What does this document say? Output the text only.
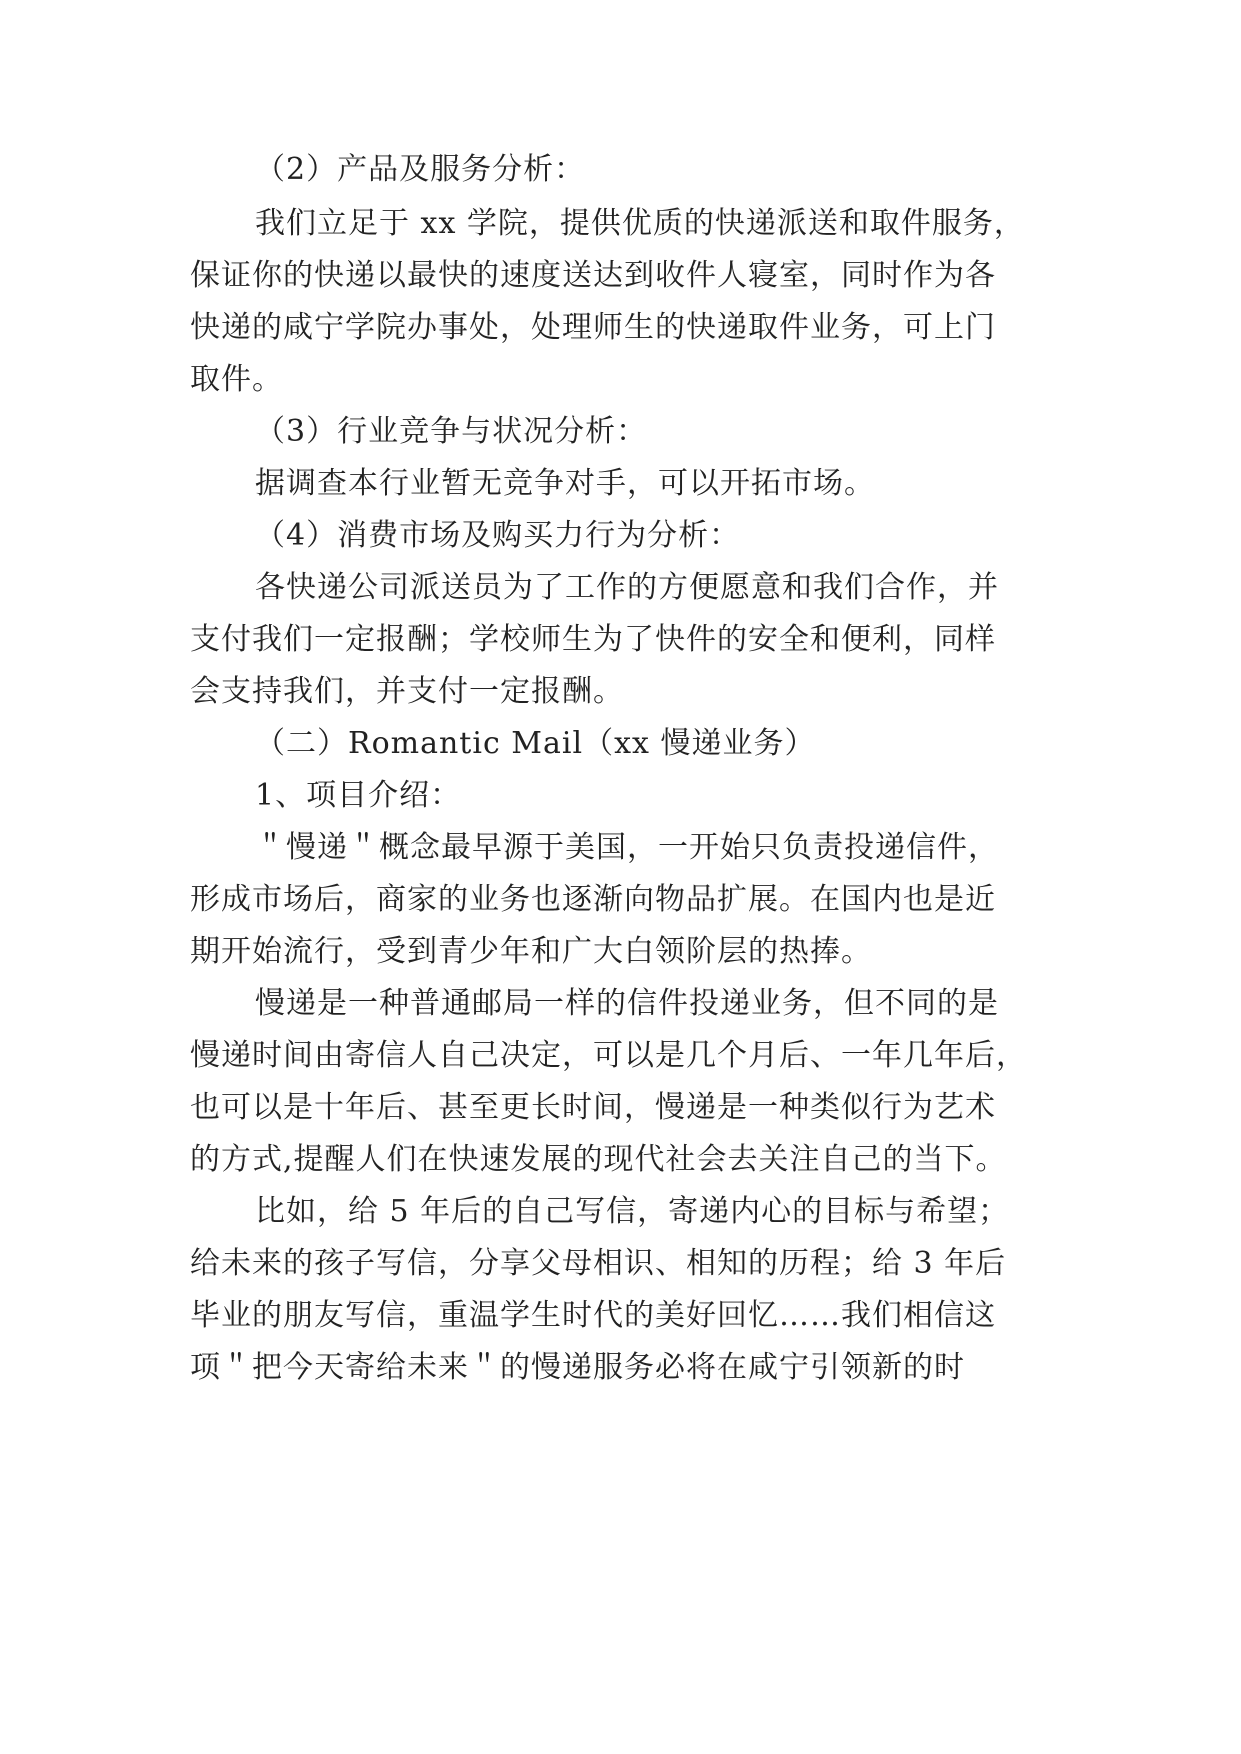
（2）产品及服务分析：
我们立足于 xx 学院，提供优质的快递派送和取件服务，
保证你的快递以最快的速度送达到收件人寝室，同时作为各
快递的咸宁学院办事处，处理师生的快递取件业务，可上门
取件。
（3）行业竞争与状况分析：
据调查本行业暂无竞争对手，可以开拓市场。
（4）消费市场及购买力行为分析：
各快递公司派送员为了工作的方便愿意和我们合作，并
支付我们一定报酬；学校师生为了快件的安全和便利，同样
会支持我们，并支付一定报酬。
（二）Romantic Mail（xx 慢递业务）
1、项目介绍：
＂慢递＂概念最早源于美国，一开始只负责投递信件，
形成市场后，商家的业务也逐渐向物品扩展。在国内也是近
期开始流行，受到青少年和广大白领阶层的热捧。
慢递是一种普通邮局一样的信件投递业务，但不同的是
慢递时间由寄信人自己决定，可以是几个月后、一年几年后，
也可以是十年后、甚至更长时间，慢递是一种类似行为艺术
的方式,提醒人们在快速发展的现代社会去关注自己的当下。
比如，给 5 年后的自己写信，寄递内心的目标与希望；
给未来的孩子写信，分享父母相识、相知的历程；给 3 年后
毕业的朋友写信，重温学生时代的美好回忆……我们相信这
项＂把今天寄给未来＂的慢递服务必将在咸宁引领新的时
